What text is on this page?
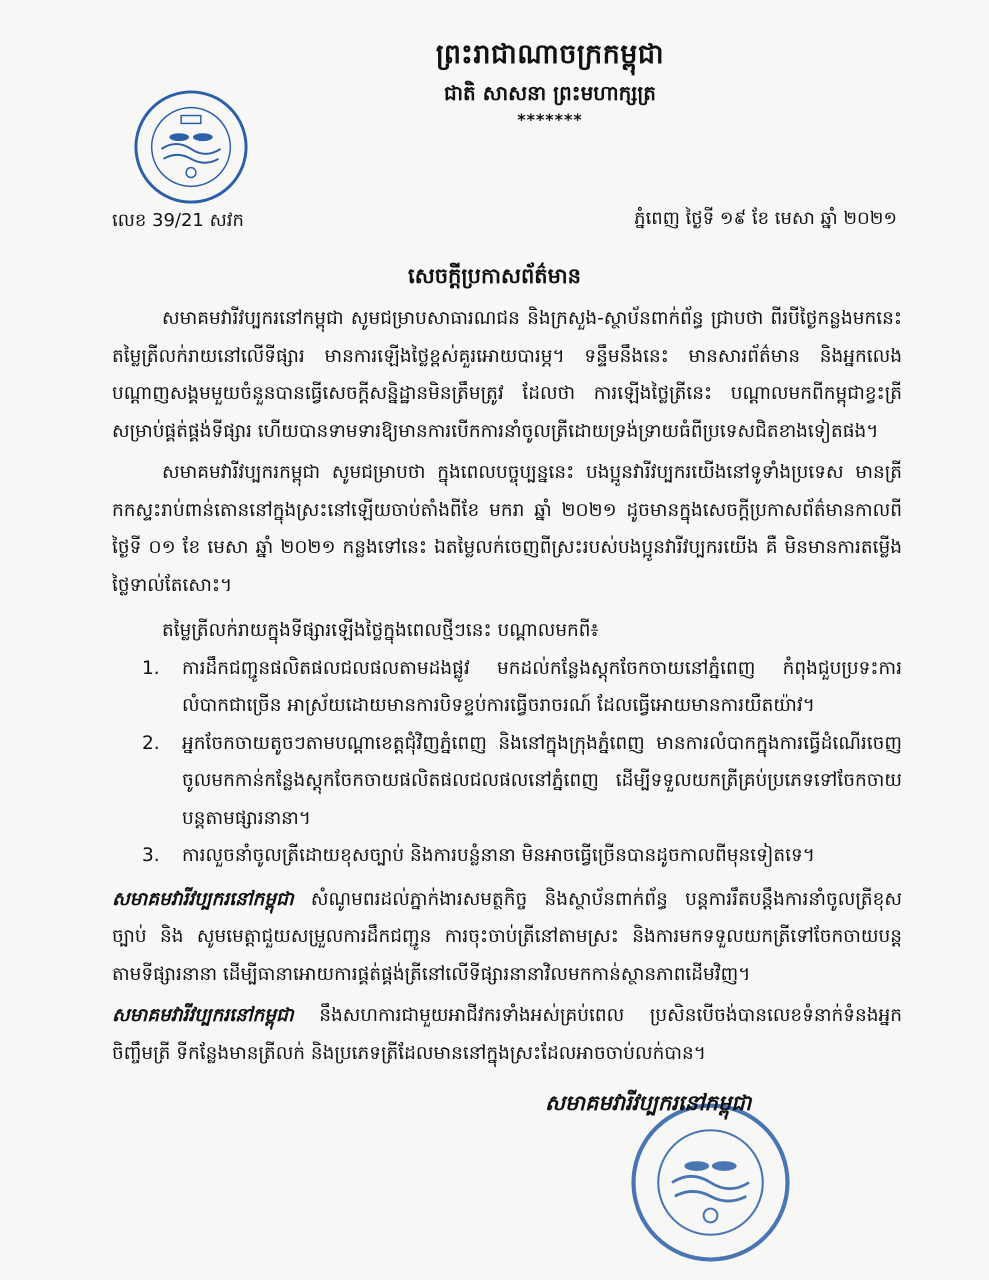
ព្រះរាជាណាចក្រកម្ពុជា
ជាតិ សាសនា ព្រះមហាក្សត្រ
*******
លេខ 39/21 សវក	ភ្នំពេញ ថ្ងៃទី ១៩ ខែ មេសា ឆ្នាំ ២០២១
សេចក្តីប្រកាសព័ត៌មាន

សមាគមវារីវប្បករនៅកម្ពុជា សូមជម្រាបសាធារណជន និងក្រសួង-ស្ថាប័នពាក់ព័ន្ធ ជ្រាបថា ពីរបីថ្ងៃកន្លងមកនេះ តម្លៃត្រីលក់រាយនៅលើទីផ្សារ មានការឡើងថ្លៃខ្ពស់គួរអោយបារម្ភ។ ទន្ទឹមនឹងនេះ មានសារព័ត៌មាន និងអ្នកលេងបណ្តាញសង្គមមួយចំនួនបានធ្វើសេចក្តីសន្និដ្ឋានមិនត្រឹមត្រូវ ដែលថា ការឡើងថ្លៃត្រីនេះ បណ្តាលមកពីកម្ពុជាខ្វះត្រីសម្រាប់ផ្គត់ផ្គង់ទីផ្សារ ហើយបានទាមទារឱ្យមានការបើកការនាំចូលត្រីដោយទ្រង់ទ្រាយធំពីប្រទេសជិតខាងទៀតផង។

សមាគមវារីវប្បករកម្ពុជា សូមជម្រាបថា ក្នុងពេលបច្ចុប្បន្ននេះ បងប្អូនវារីវប្បករយើងនៅទូទាំងប្រទេស មានត្រីកកស្ទះរាប់ពាន់តោននៅក្នុងស្រះនៅឡើយចាប់តាំងពីខែ មករា ឆ្នាំ ២០២១ ដូចមានក្នុងសេចក្តីប្រកាសព័ត៌មានកាលពីថ្ងៃទី ០១ ខែ មេសា ឆ្នាំ ២០២១ កន្លងទៅនេះ ឯតម្លៃលក់ចេញពីស្រះរបស់បងប្អូនវារីវប្បករយើង គឺ មិនមានការតម្លើងថ្លៃទាល់តែសោះ។

តម្លៃត្រីលក់រាយក្នុងទីផ្សារឡើងថ្លៃក្នុងពេលថ្មីៗនេះ បណ្តាលមកពី៖

1. ការដឹកជញ្ជូនផលិតផលជលផលតាមដងផ្លូវ មកដល់កន្លែងស្តុកចែកចាយនៅភ្នំពេញ កំពុងជួបប្រទះការលំបាកជាច្រើន អាស្រ័យដោយមានការបិទខ្ទប់ការធ្វើចរាចរណ៍ ដែលធ្វើអោយមានការយឺតយ៉ាវ។
2. អ្នកចែកចាយតូចៗតាមបណ្តាខេត្តជុំវិញភ្នំពេញ និងនៅក្នុងក្រុងភ្នំពេញ មានការលំបាកក្នុងការធ្វើដំណើរចេញចូលមកកាន់កន្លែងស្តុកចែកចាយផលិតផលជលផលនៅភ្នំពេញ ដើម្បីទទួលយកត្រីគ្រប់ប្រភេទទៅចែកចាយបន្តតាមផ្សារនានា។
3. ការលួចនាំចូលត្រីដោយខុសច្បាប់ និងការបន្លំនានា មិនអាចធ្វើច្រើនបានដូចកាលពីមុនទៀតទេ។

សមាគមវារីវប្បករនៅកម្ពុជា សំណូមពរដល់ភ្នាក់ងារសមត្ថកិច្ច និងស្ថាប័នពាក់ព័ន្ធ បន្តការរឹតបន្តឹងការនាំចូលត្រីខុសច្បាប់ និង សូមមេត្តាជួយសម្រួលការដឹកជញ្ជូន ការចុះចាប់ត្រីនៅតាមស្រះ និងការមកទទួលយកត្រីទៅចែកចាយបន្តតាមទីផ្សារនានា ដើម្បីធានាអោយការផ្គត់ផ្គង់ត្រីនៅលើទីផ្សារនានាវិលមកកាន់ស្ថានភាពដើមវិញ។

សមាគមវារីវប្បករនៅកម្ពុជា នឹងសហការជាមួយអាជីវករទាំងអស់គ្រប់ពេល ប្រសិនបើចង់បានលេខទំនាក់ទំនងអ្នកចិញ្ចឹមត្រី ទីកន្លែងមានត្រីលក់ និងប្រភេទត្រីដែលមាននៅក្នុងស្រះដែលអាចចាប់លក់បាន។

សមាគមវារីវប្បករនៅកម្ពុជា
